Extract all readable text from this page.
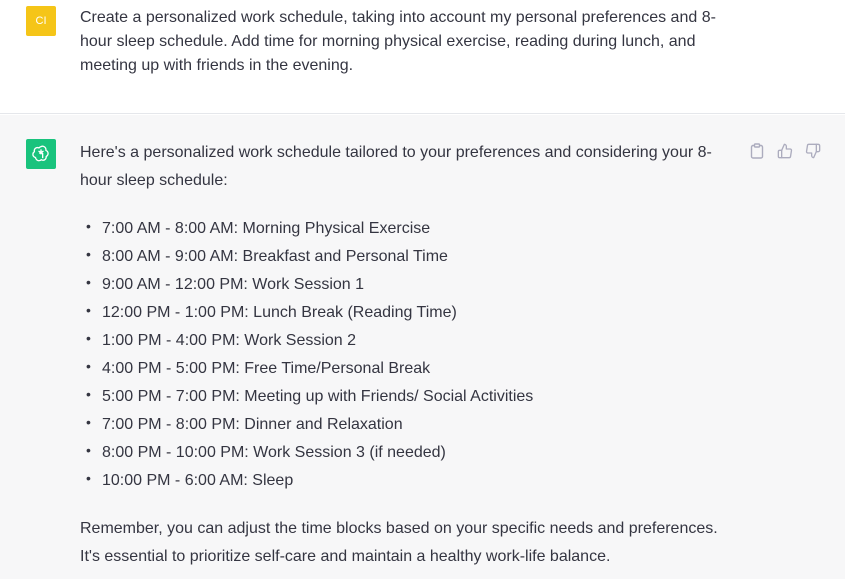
CI	Create a personalized work schedule, taking into account my personal preferences and 8-hour sleep schedule. Add time for morning physical exercise, reading during lunch, and meeting up with friends in the evening.
Here's a personalized work schedule tailored to your preferences and considering your 8-hour sleep schedule:
• 7:00 AM - 8:00 AM: Morning Physical Exercise
• 8:00 AM - 9:00 AM: Breakfast and Personal Time
• 9:00 AM - 12:00 PM: Work Session 1
• 12:00 PM - 1:00 PM: Lunch Break (Reading Time)
• 1:00 PM - 4:00 PM: Work Session 2
• 4:00 PM - 5:00 PM: Free Time/Personal Break
• 5:00 PM - 7:00 PM: Meeting up with Friends/ Social Activities
• 7:00 PM - 8:00 PM: Dinner and Relaxation
• 8:00 PM - 10:00 PM: Work Session 3 (if needed)
• 10:00 PM - 6:00 AM: Sleep
Remember, you can adjust the time blocks based on your specific needs and preferences. It's essential to prioritize self-care and maintain a healthy work-life balance.
